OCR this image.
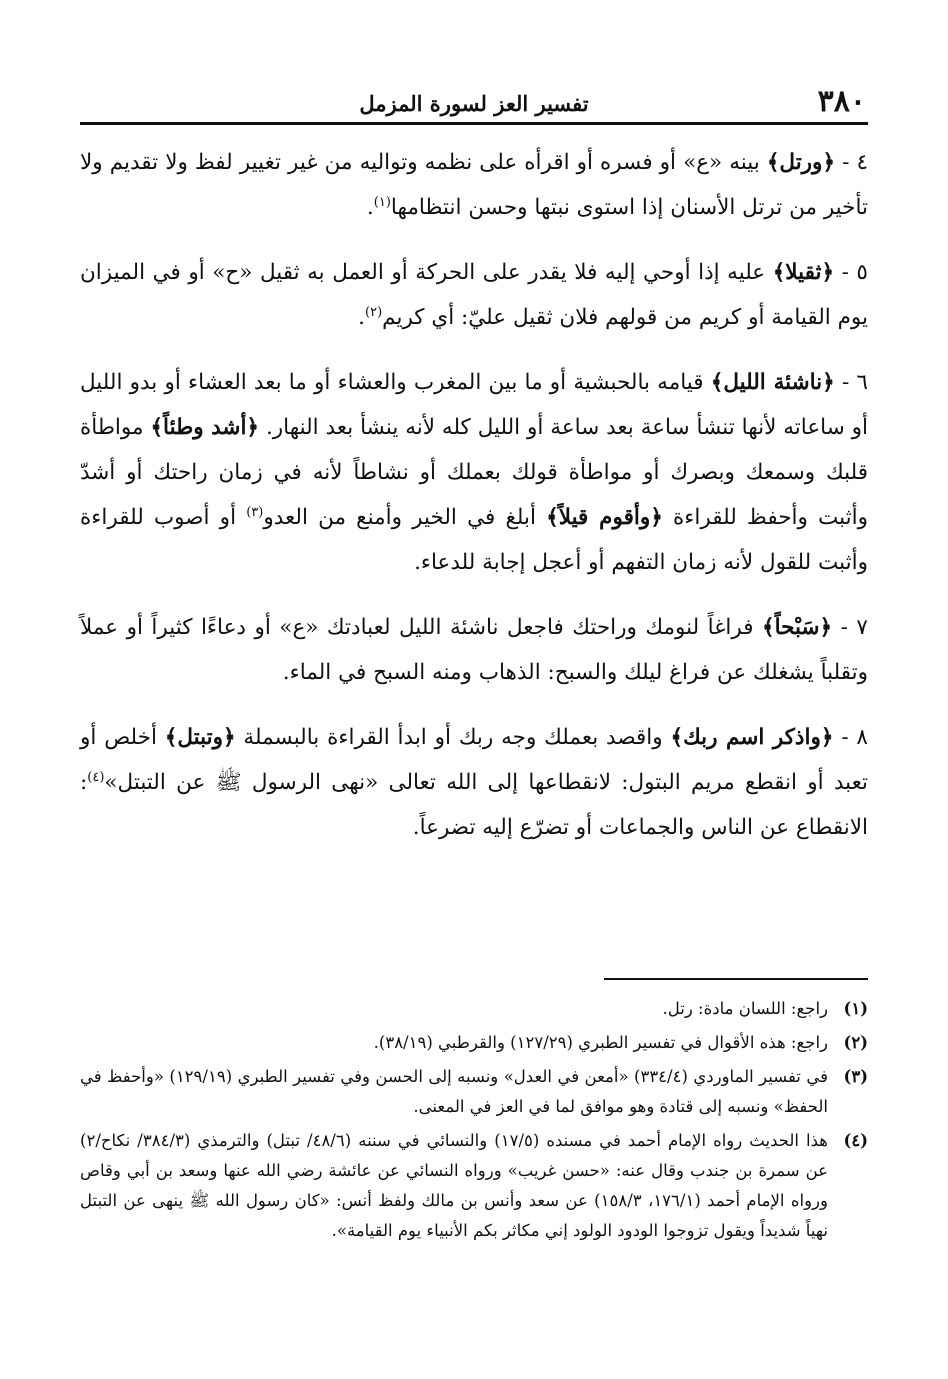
٣٨٠
تفسير العز لسورة المزمل

٤ - ﴿ورتل﴾ بينه «ع» أو فسره أو اقرأه على نظمه وتواليه من غير تغيير لفظ ولا تقديم ولا تأخير من ترتل الأسنان إذا استوى نبتها وحسن انتظامها$^{(١)}$.

٥ - ﴿ثقيلا﴾ عليه إذا أوحي إليه فلا يقدر على الحركة أو العمل به ثقيل «ح» أو في الميزان يوم القيامة أو كريم من قولهم فلان ثقيل عليّ: أي كريم$^{(٢)}$.

٦ - ﴿ناشئة الليل﴾ قيامه بالحبشية أو ما بين المغرب والعشاء أو ما بعد العشاء أو بدو الليل أو ساعاته لأنها تنشأ ساعة بعد ساعة أو الليل كله لأنه ينشأ بعد النهار. ﴿أشد وطئاً﴾ مواطأة قلبك وسمعك وبصرك أو مواطأة قولك بعملك أو نشاطاً لأنه في زمان راحتك أو أشدّ وأثبت وأحفظ للقراءة ﴿وأقوم قيلاً﴾ أبلغ في الخير وأمنع من العدو$^{(٣)}$ أو أصوب للقراءة وأثبت للقول لأنه زمان التفهم أو أعجل إجابة للدعاء.

٧ - ﴿سَبْحاً﴾ فراغاً لنومك وراحتك فاجعل ناشئة الليل لعبادتك «ع» أو دعاءًا كثيراً أو عملاً وتقلباً يشغلك عن فراغ ليلك والسبح: الذهاب ومنه السبح في الماء.

٨ - ﴿واذكر اسم ربك﴾ واقصد بعملك وجه ربك أو ابدأ القراءة بالبسملة ﴿وتبتل﴾ أخلص أو تعبد أو انقطع مريم البتول: لانقطاعها إلى الله تعالى «نهى الرسول ﷺ عن التبتل»$^{(٤)}$: الانقطاع عن الناس والجماعات أو تضرّع إليه تضرعاً.

(١)
راجع: اللسان مادة: رتل.
(٢)
راجع: هذه الأقوال في تفسير الطبري (١٢٧/٢٩) والقرطبي (٣٨/١٩).
(٣)
في تفسير الماوردي (٣٣٤/٤) «أمعن في العدل» ونسبه إلى الحسن وفي تفسير الطبري (١٢٩/١٩) «وأحفظ في الحفظ» ونسبه إلى قتادة وهو موافق لما في العز في المعنى.
(٤)
هذا الحديث رواه الإمام أحمد في مسنده (١٧/٥) والنسائي في سننه (٤٨/٦/ تبتل) والترمذي (٣٨٤/٣/ نكاح/٢) عن سمرة بن جندب وقال عنه: «حسن غريب» ورواه النسائي عن عائشة رضي الله عنها وسعد بن أبي وقاص ورواه الإمام أحمد (١٧٦/١، ١٥٨/٣) عن سعد وأنس بن مالك ولفظ أنس: «كان رسول الله ﷺ ينهى عن التبتل نهياً شديداً ويقول تزوجوا الودود الولود إني مكاثر بكم الأنبياء يوم القيامة».
